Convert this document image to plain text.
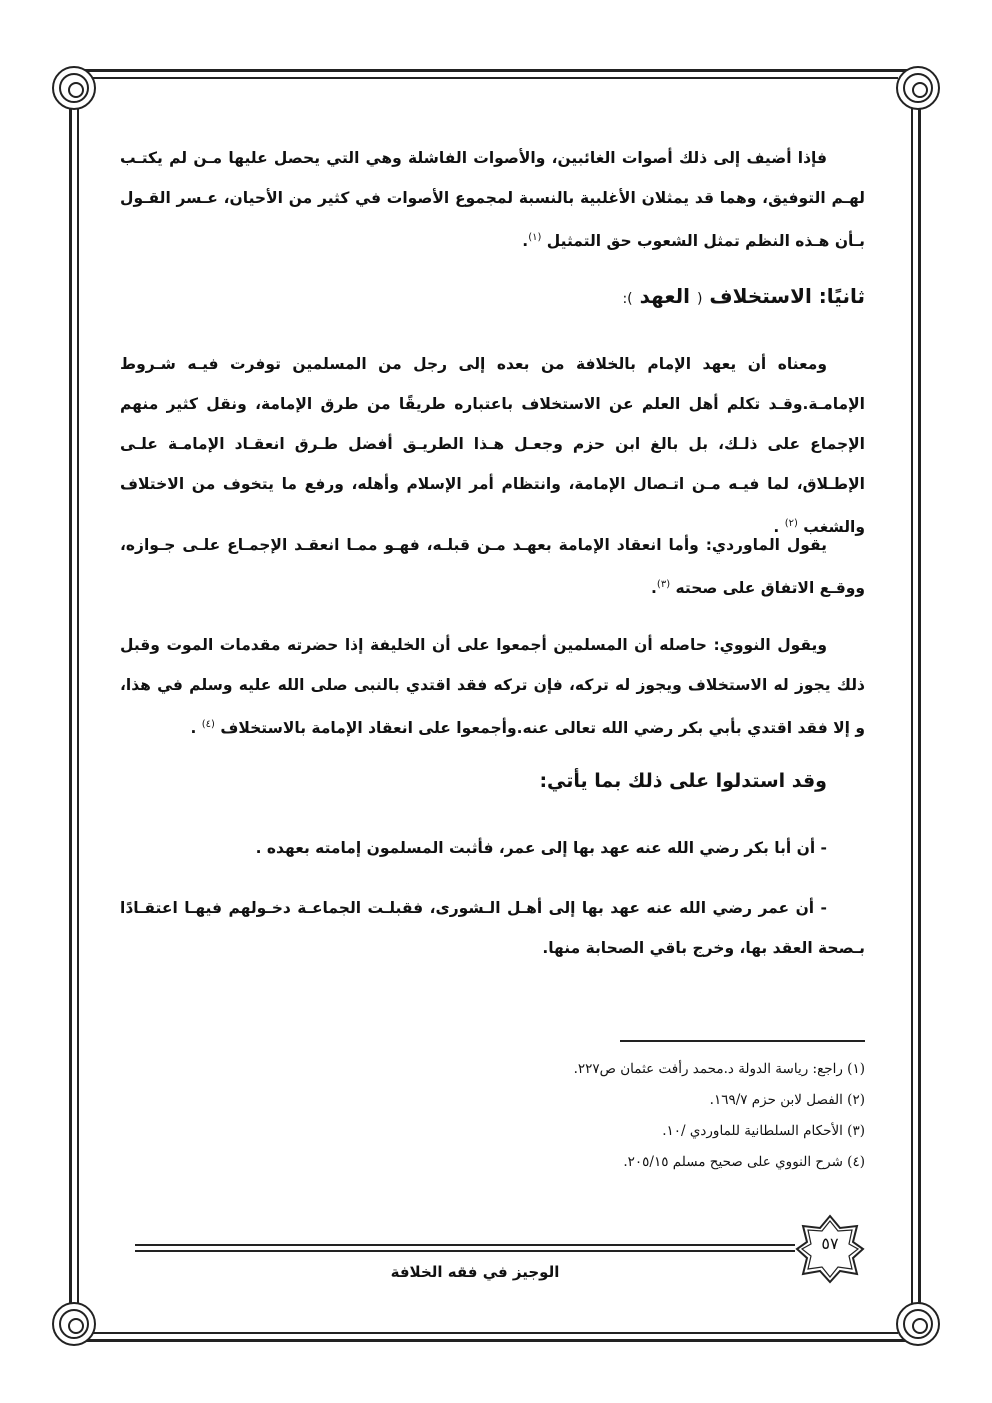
فإذا أضيف إلى ذلك أصوات الغائبين، والأصوات الفاشلة وهي التي يحصل عليها مـن لم يكتـب لهـم التوفيق، وهما قد يمثلان الأغلبية بالنسبة لمجموع الأصوات في كثير من الأحيان، عـسر القـول بـأن هـذه النظم تمثل الشعوب حق التمثيل $^{(١)}$.

ثانيًا: الاستخلاف ( العهد ):

ومعناه أن يعهد الإمام بالخلافة من بعده إلى رجل من المسلمين توفرت فيـه شـروط الإمامـة.وقـد تكلم أهل العلم عن الاستخلاف باعتباره طريقًا من طرق الإمامة، ونقل كثير منهم الإجماع على ذلـك، بل بالغ ابن حزم وجعـل هـذا الطريـق أفضل طـرق انعقـاد الإمامـة علـى الإطـلاق، لما فيـه مـن اتـصال الإمامة، وانتظام أمر الإسلام وأهله، ورفع ما يتخوف من الاختلاف والشغب $^{(٢)}$ .

يقول الماوردي: وأما انعقاد الإمامة بعهـد مـن قبلـه، فهـو ممـا انعقـد الإجمـاع علـى جـوازه، ووقـع الاتفاق على صحته $^{(٣)}$.

ويقول النووي: حاصله أن المسلمين أجمعوا على أن الخليفة إذا حضرته مقدمات الموت وقبل ذلك يجوز له الاستخلاف ويجوز له تركه، فإن تركه فقد اقتدي بالنبى صلى الله عليه وسلم في هذا، و إلا فقد اقتدي بأبي بكر رضي الله تعالى عنه.وأجمعوا على انعقاد الإمامة بالاستخلاف $^{(٤)}$ .

وقد استدلوا على ذلك بما يأتي:

- أن أبا بكر رضي الله عنه عهد بها إلى عمر، فأثبت المسلمون إمامته بعهده .

- أن عمر رضي الله عنه عهد بها إلى أهـل الـشورى، فقبلـت الجماعـة دخـولهم فيهـا اعتقـادًا بـصحة العقد بها، وخرج باقي الصحابة منها.

(١) راجع: رياسة الدولة د.محمد رأفت عثمان ص٢٢٧.
(٢) الفصل لابن حزم ١٦٩/٧.
(٣) الأحكام السلطانية للماوردي /١٠.
(٤) شرح النووي على صحيح مسلم ٢٠٥/١٥.
٥٧
الوجيز في فقه الخلافة
